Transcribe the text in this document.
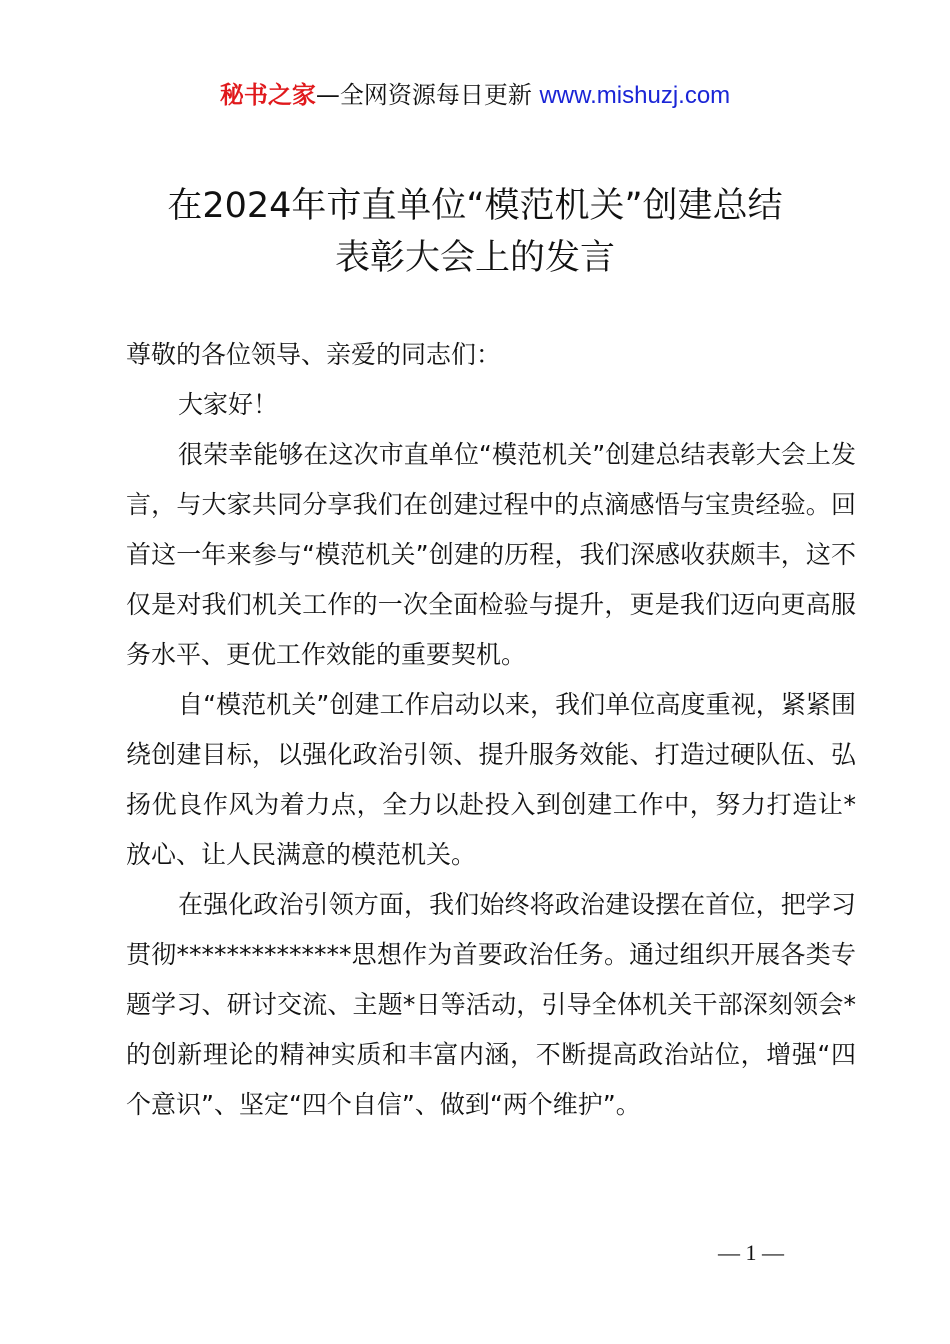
秘书之家—全网资源每日更新 www.mishuzj.com
在2024年市直单位“模范机关”创建总结
表彰大会上的发言

尊敬的各位领导、亲爱的同志们：

大家好！

很荣幸能够在这次市直单位“模范机关”创建总结表彰大会上发言，与大家共同分享我们在创建过程中的点滴感悟与宝贵经验。回首这一年来参与“模范机关”创建的历程，我们深感收获颇丰，这不仅是对我们机关工作的一次全面检验与提升，更是我们迈向更高服务水平、更优工作效能的重要契机。

自“模范机关”创建工作启动以来，我们单位高度重视，紧紧围绕创建目标，以强化政治引领、提升服务效能、打造过硬队伍、弘扬优良作风为着力点，全力以赴投入到创建工作中，努力打造让*放心、让人民满意的模范机关。

在强化政治引领方面，我们始终将政治建设摆在首位，把学习贯彻**************思想作为首要政治任务。通过组织开展各类专题学习、研讨交流、主题*日等活动，引导全体机关干部深刻领会*的创新理论的精神实质和丰富内涵，不断提高政治站位，增强“四个意识”、坚定“四个自信”、做到“两个维护”。

— 1 —
